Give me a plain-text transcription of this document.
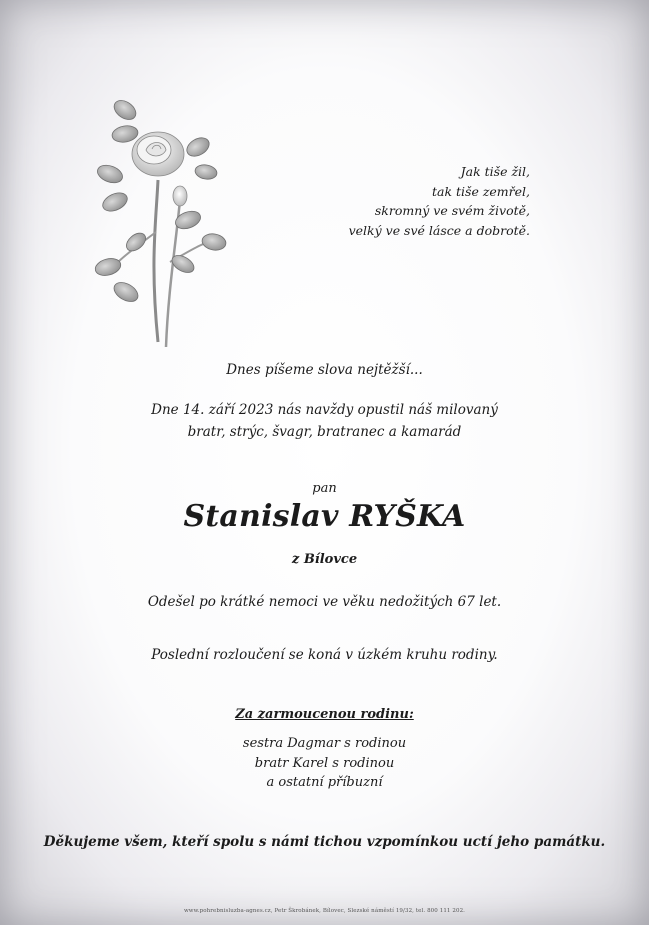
Jak tiše žil,
tak tiše zemřel,
skromný ve svém životě,
velký ve své lásce a dobrotě.
Dnes píšeme slova nejtěžší...
Dne 14. září 2023 nás navždy opustil náš milovaný
bratr, strýc, švagr, bratranec a kamarád
pan
Stanislav RYŠKA
z Bílovce
Odešel po krátké nemoci ve věku nedožitých 67 let.
Poslední rozloučení se koná v úzkém kruhu rodiny.
Za zarmoucenou rodinu:
sestra Dagmar s rodinou
bratr Karel s rodinou
a ostatní příbuzní
Děkujeme všem, kteří spolu s námi tichou vzpomínkou uctí jeho památku.
www.pohrebnisluzba-agnes.cz, Petr Škrobánek, Bílovec, Slezské náměstí 19/32, tel. 800 111 202.
